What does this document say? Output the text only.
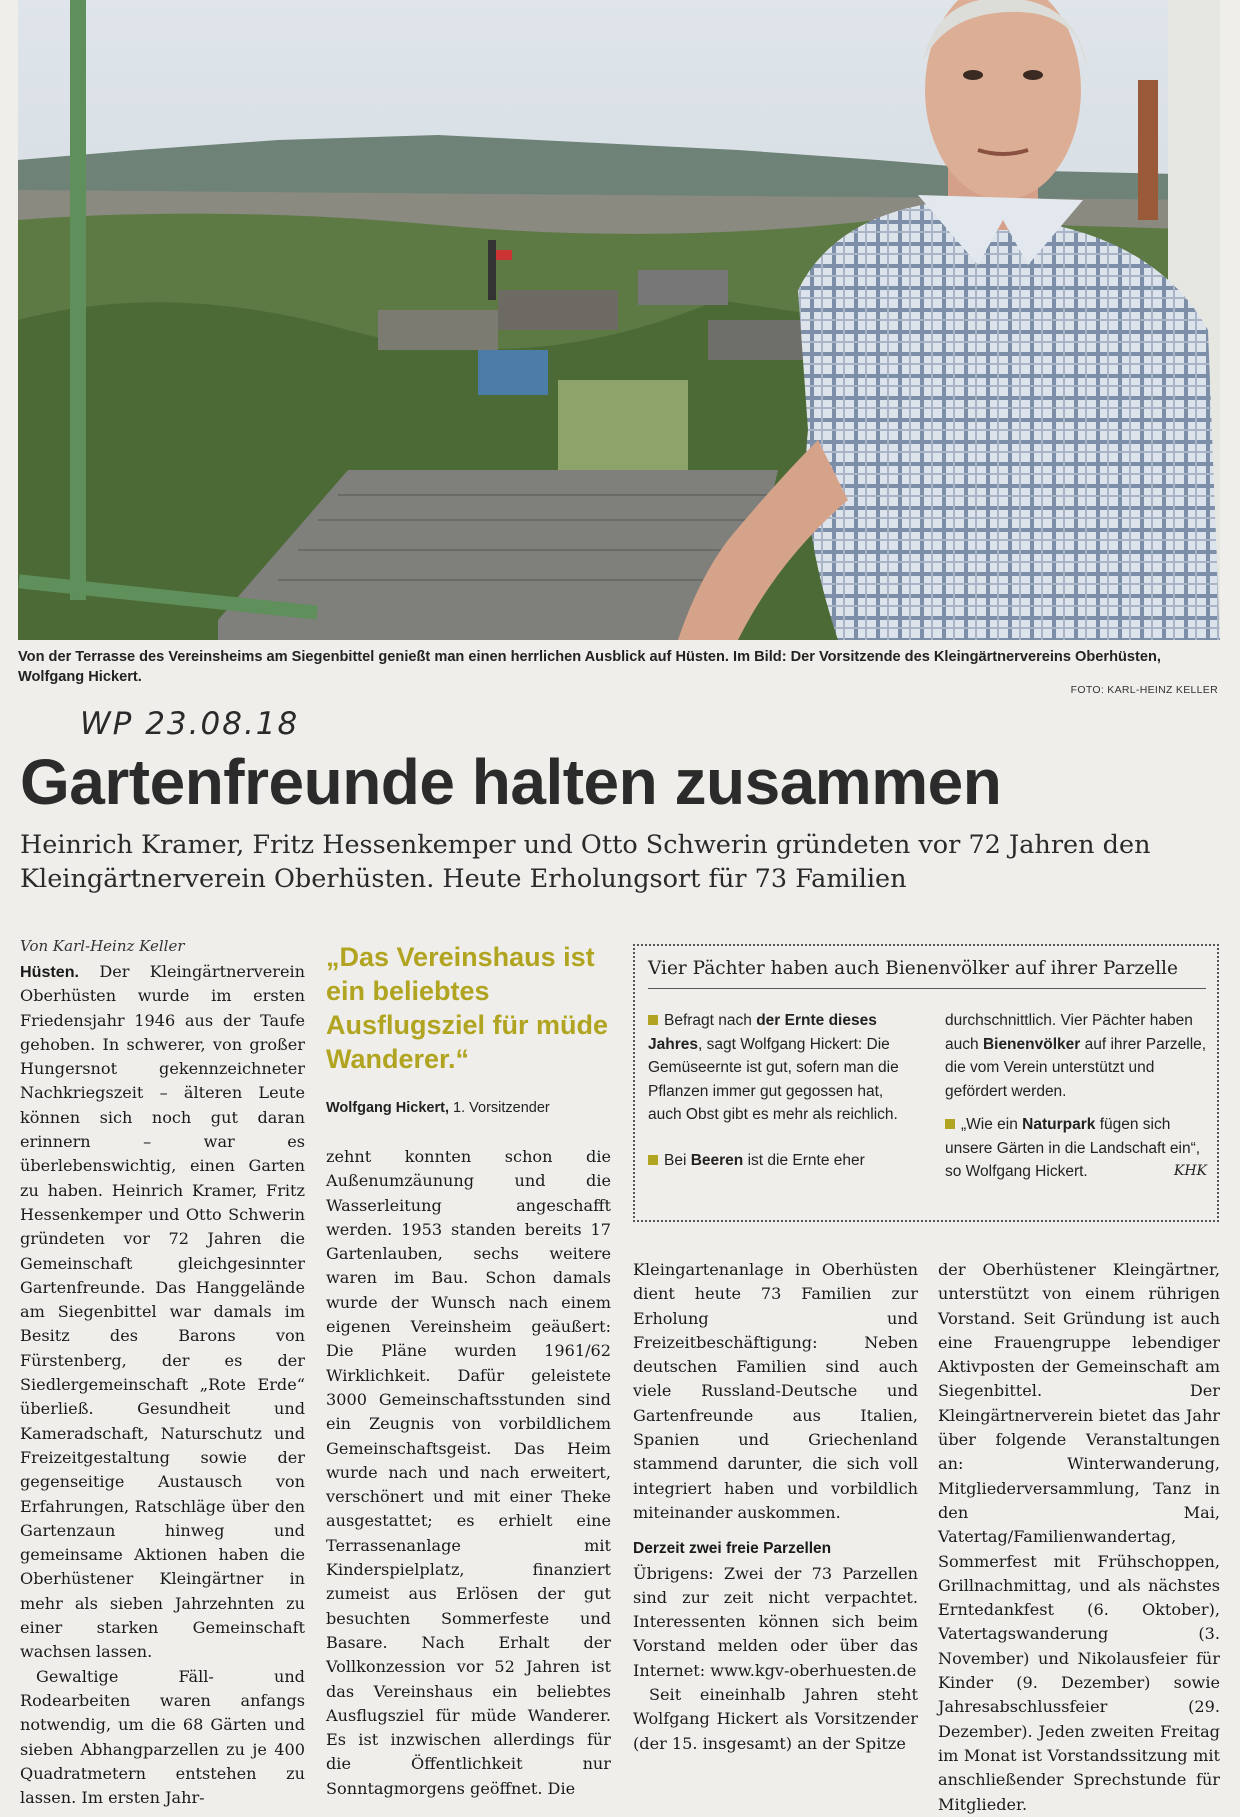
Von der Terrasse des Vereinsheims am Siegenbittel genießt man einen herrlichen Ausblick auf Hüsten. Im Bild: Der Vorsitzende des Kleingärtnervereins Oberhüsten, Wolfgang Hickert.
FOTO: KARL-HEINZ KELLER
WP 23.08.18
Gartenfreunde halten zusammen
Heinrich Kramer, Fritz Hessenkemper und Otto Schwerin gründeten vor 72 Jahren den Kleingärtnerverein Oberhüsten. Heute Erholungsort für 73 Familien
Von Karl-Heinz Keller

Hüsten. Der Kleingärtnerverein Oberhüsten wurde im ersten Friedensjahr 1946 aus der Taufe gehoben. In schwerer, von großer Hungersnot gekennzeichneter Nachkriegszeit – älteren Leute können sich noch gut daran erinnern – war es überlebenswichtig, einen Garten zu haben. Heinrich Kramer, Fritz Hessenkemper und Otto Schwerin gründeten vor 72 Jahren die Gemeinschaft gleichgesinnter Gartenfreunde. Das Hanggelände am Siegenbittel war damals im Besitz des Barons von Fürstenberg, der es der Siedlergemeinschaft „Rote Erde“ überließ. Gesundheit und Kameradschaft, Naturschutz und Freizeitgestaltung sowie der gegenseitige Austausch von Erfahrungen, Ratschläge über den Gartenzaun hinweg und gemeinsame Aktionen haben die Oberhüstener Kleingärtner in mehr als sieben Jahrzehnten zu einer starken Gemeinschaft wachsen lassen.

Gewaltige Fäll- und Rodearbeiten waren anfangs notwendig, um die 68 Gärten und sieben Abhangparzellen zu je 400 Quadratmetern entstehen zu lassen. Im ersten Jahr-

„Das Vereinshaus ist ein beliebtes Ausflugsziel für müde Wanderer.“
Wolfgang Hickert, 1. Vorsitzender

zehnt konnten schon die Außenumzäunung und die Wasserleitung angeschafft werden. 1953 standen bereits 17 Gartenlauben, sechs weitere waren im Bau. Schon damals wurde der Wunsch nach einem eigenen Vereinsheim geäußert: Die Pläne wurden 1961/62 Wirklichkeit. Dafür geleistete 3000 Gemeinschaftsstunden sind ein Zeugnis von vorbildlichem Gemeinschaftsgeist. Das Heim wurde nach und nach erweitert, verschönert und mit einer Theke ausgestattet; es erhielt eine Terrassenanlage mit Kinderspielplatz, finanziert zumeist aus Erlösen der gut besuchten Sommerfeste und Basare. Nach Erhalt der Vollkonzession vor 52 Jahren ist das Vereinshaus ein beliebtes Ausflugsziel für müde Wanderer. Es ist inzwischen allerdings für die Öffentlichkeit nur Sonntagmorgens geöffnet. Die

Vier Pächter haben auch Bienenvölker auf ihrer Parzelle

Befragt nach der Ernte dieses Jahres, sagt Wolfgang Hickert: Die Gemüseernte ist gut, sofern man die Pflanzen immer gut gegossen hat, auch Obst gibt es mehr als reichlich.

Bei Beeren ist die Ernte eher

durchschnittlich. Vier Pächter haben auch Bienenvölker auf ihrer Parzelle, die vom Verein unterstützt und gefördert werden.

„Wie ein Naturpark fügen sich unsere Gärten in die Landschaft ein“, so Wolfgang Hickert.	KHK

Kleingartenanlage in Oberhüsten dient heute 73 Familien zur Erholung und Freizeitbeschäftigung: Neben deutschen Familien sind auch viele Russland-Deutsche und Gartenfreunde aus Italien, Spanien und Griechenland stammend darunter, die sich voll integriert haben und vorbildlich miteinander auskommen.

Derzeit zwei freie Parzellen

Übrigens: Zwei der 73 Parzellen sind zur zeit nicht verpachtet. Interessenten können sich beim Vorstand melden oder über das Internet: www.kgv-oberhuesten.de

Seit eineinhalb Jahren steht Wolfgang Hickert als Vorsitzender (der 15. insgesamt) an der Spitze

der Oberhüstener Kleingärtner, unterstützt von einem rührigen Vorstand. Seit Gründung ist auch eine Frauengruppe lebendiger Aktivposten der Gemeinschaft am Siegenbittel. Der Kleingärtnerverein bietet das Jahr über folgende Veranstaltungen an: Winterwanderung, Mitgliederversammlung, Tanz in den Mai, Vatertag/Familienwandertag, Sommerfest mit Frühschoppen, Grillnachmittag, und als nächstes Erntedankfest (6. Oktober), Vatertagswanderung (3. November) und Nikolausfeier für Kinder (9. Dezember) sowie Jahresabschlussfeier (29. Dezember). Jeden zweiten Freitag im Monat ist Vorstandssitzung mit anschließender Sprechstunde für Mitglieder.
